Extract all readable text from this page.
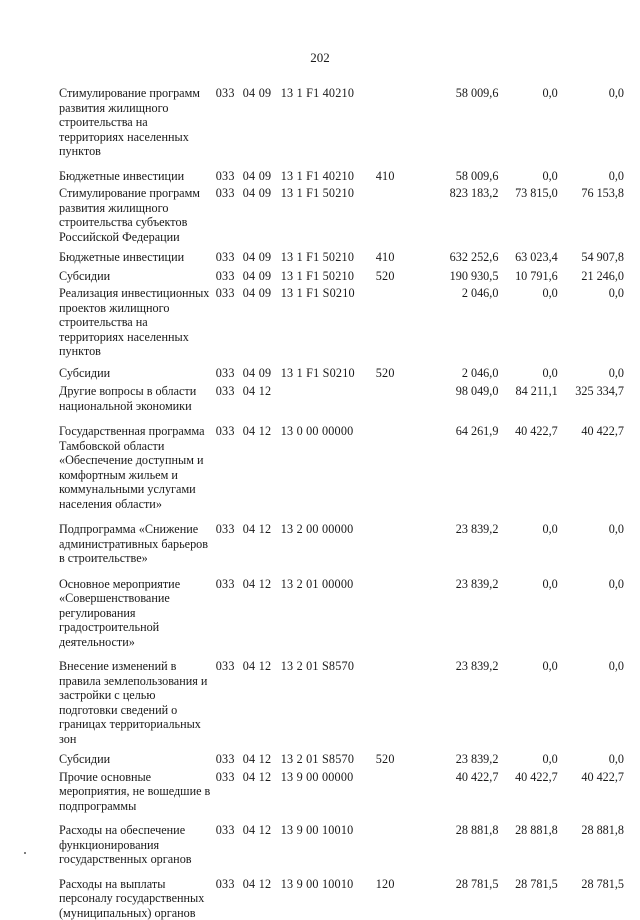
202
Стимулирование программ развития жилищного строительства на территориях населенных пунктов
033 04 09 13 1 F1 40210	58 009,6	0,0	0,0
Бюджетные инвестиции	033 04 09 13 1 F1 40210 410	58 009,6	0,0	0,0
Стимулирование программ развития жилищного строительства субъектов Российской Федерации
033 04 09 13 1 F1 50210	823 183,2	73 815,0	76 153,8
Бюджетные инвестиции	033 04 09 13 1 F1 50210 410	632 252,6	63 023,4	54 907,8
Субсидии	033 04 09 13 1 F1 50210 520	190 930,5	10 791,6	21 246,0
Реализация инвестиционных проектов жилищного строительства на территориях населенных пунктов
033 04 09 13 1 F1 S0210	2 046,0	0,0	0,0
Субсидии	033 04 09 13 1 F1 S0210 520	2 046,0	0,0	0,0
Другие вопросы в области национальной экономики
033 04 12	98 049,0	84 211,1	325 334,7
Государственная программа Тамбовской области «Обеспечение доступным и комфортным жильем и коммунальными услугами населения области»
033 04 12 13 0 00 00000	64 261,9	40 422,7	40 422,7
Подпрограмма «Снижение административных барьеров в строительстве»
033 04 12 13 2 00 00000	23 839,2	0,0	0,0
Основное мероприятие «Совершенствование регулирования градостроительной деятельности»
033 04 12 13 2 01 00000	23 839,2	0,0	0,0
Внесение изменений в правила землепользования и застройки с целью подготовки сведений о границах территориальных зон
033 04 12 13 2 01 S8570	23 839,2	0,0	0,0
Субсидии	033 04 12 13 2 01 S8570 520	23 839,2	0,0	0,0
Прочие основные мероприятия, не вошедшие в подпрограммы
033 04 12 13 9 00 00000	40 422,7	40 422,7	40 422,7
Расходы на обеспечение функционирования государственных органов
033 04 12 13 9 00 10010	28 881,8	28 881,8	28 881,8
Расходы на выплаты персоналу государственных (муниципальных) органов
033 04 12 13 9 00 10010 120	28 781,5	28 781,5	28 781,5
